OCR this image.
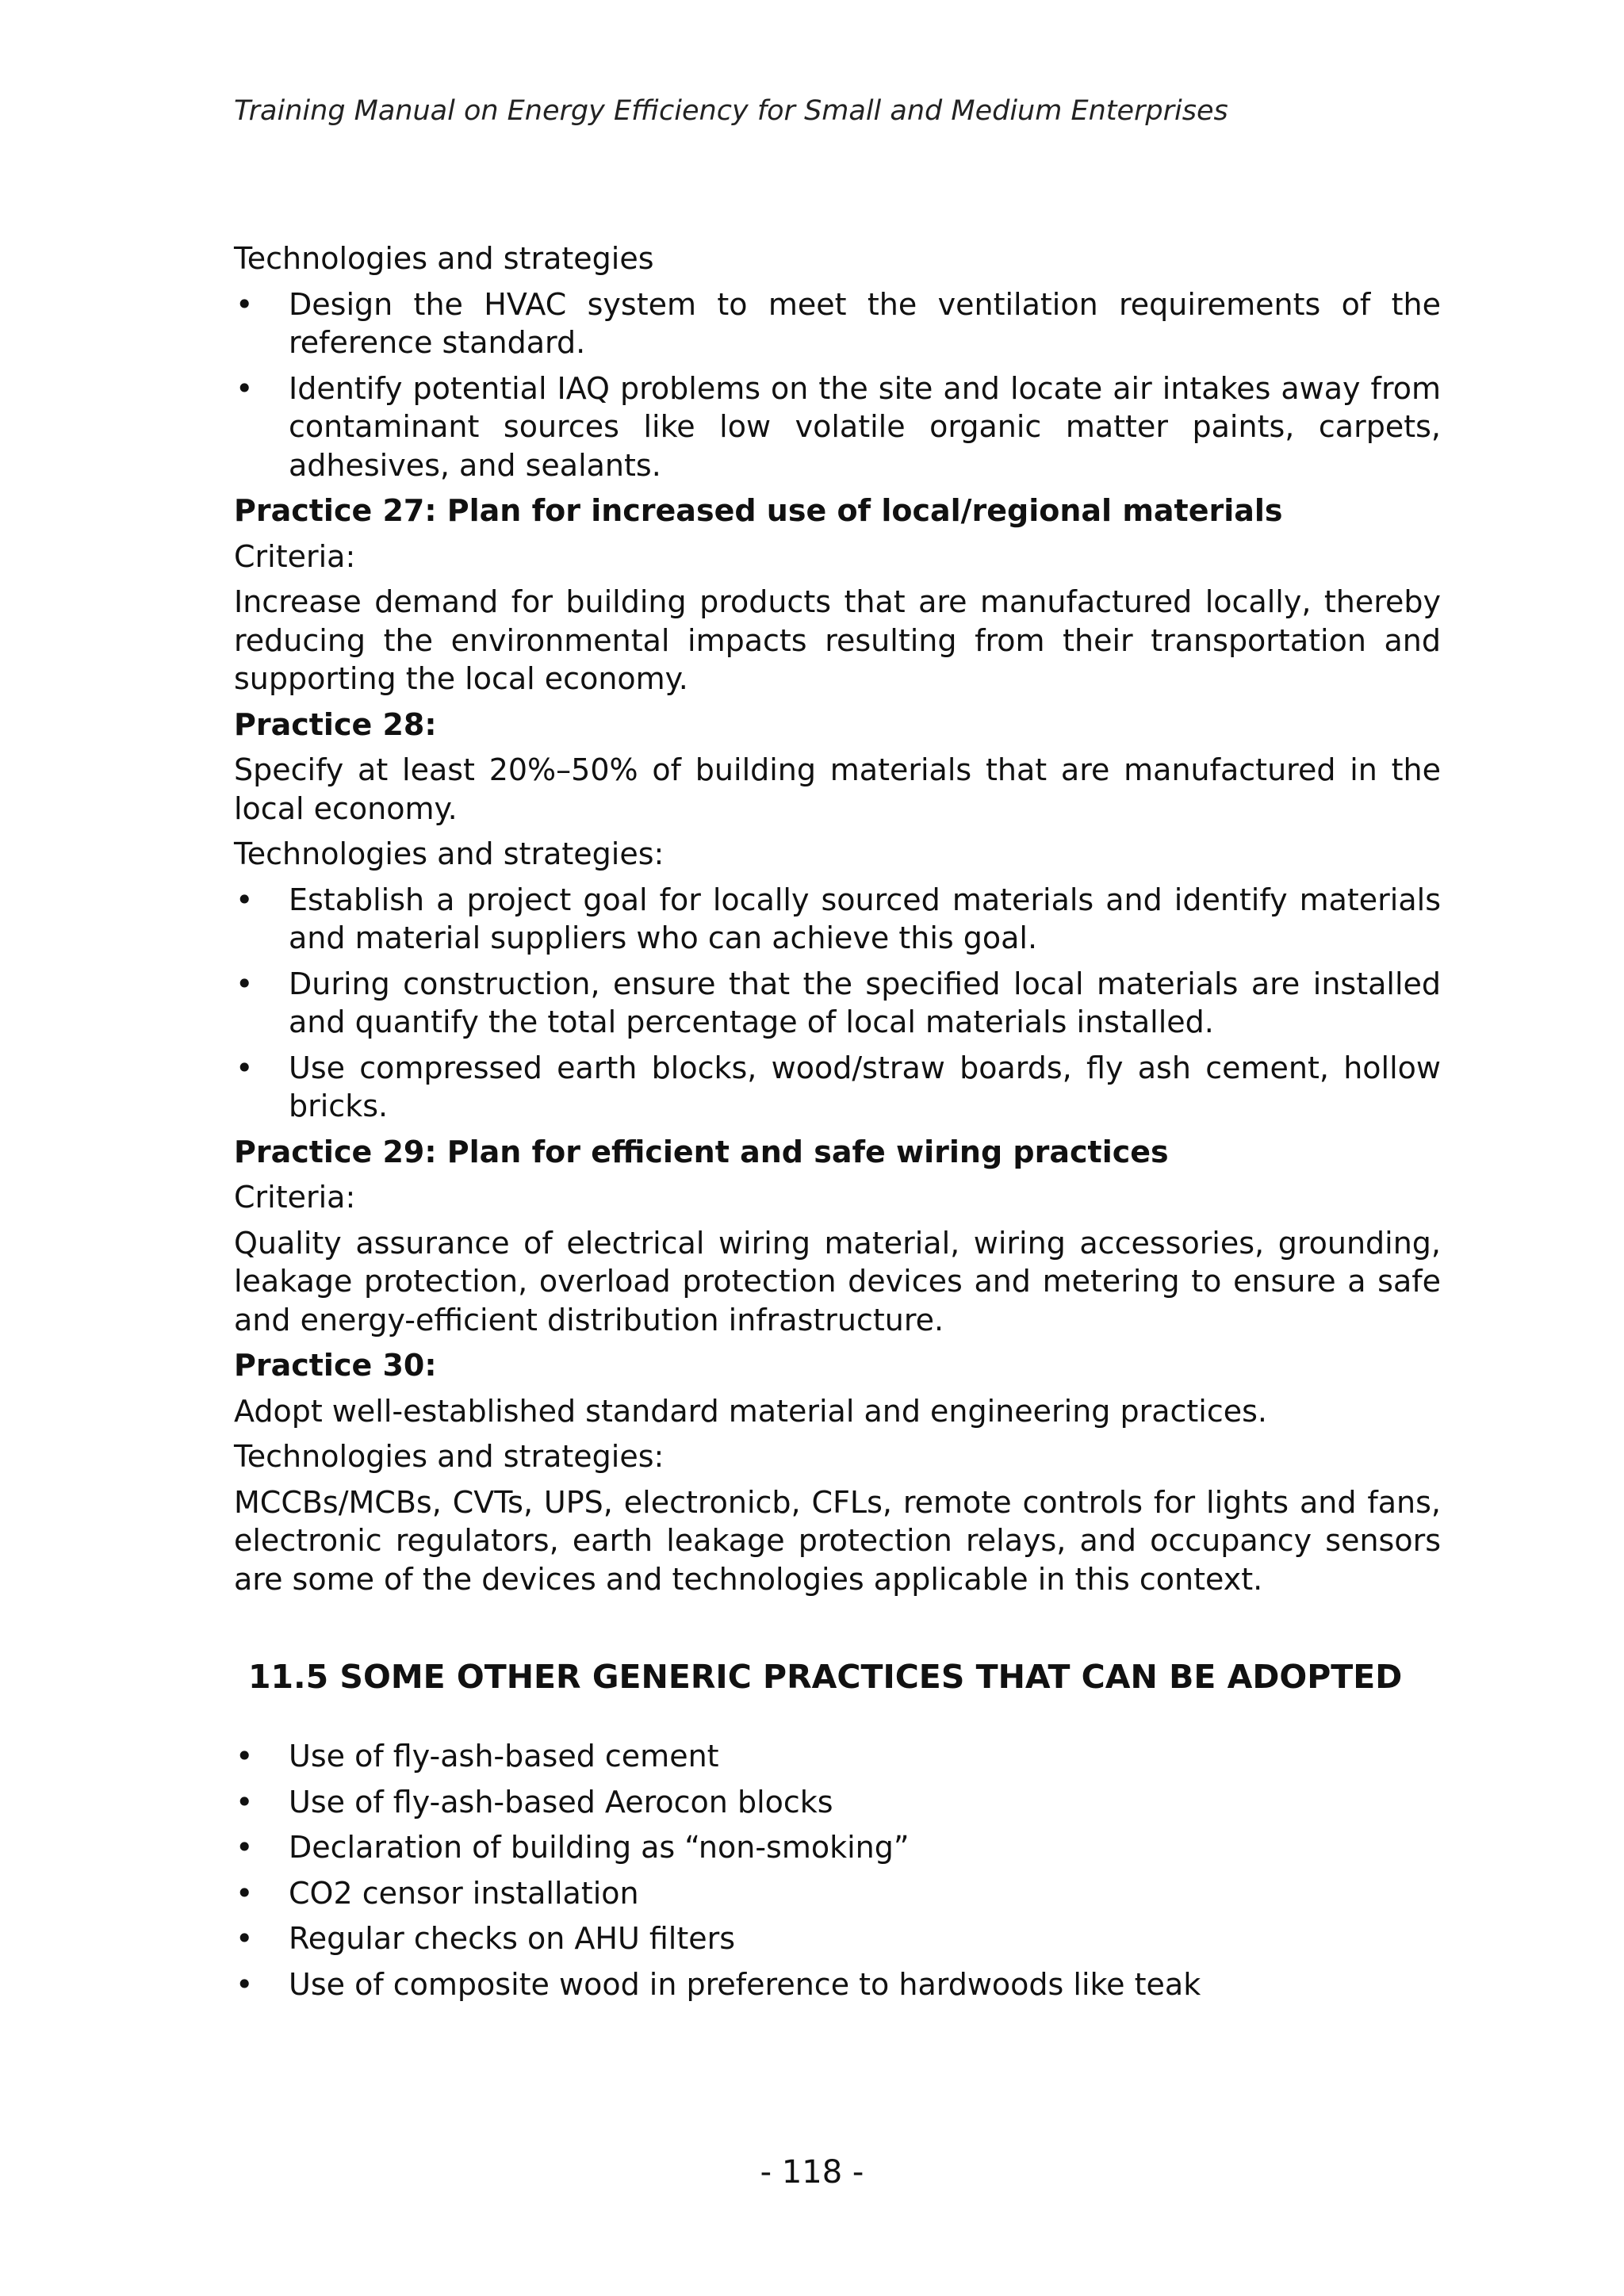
Training Manual on Energy Efficiency for Small and Medium Enterprises

Technologies and strategies

• Design the HVAC system to meet the ventilation requirements of the reference standard.
• Identify potential IAQ problems on the site and locate air intakes away from contaminant sources like low volatile organic matter paints, carpets, adhesives, and sealants.
Practice 27: Plan for increased use of local/regional materials

Criteria:

Increase demand for building products that are manufactured locally, thereby reducing the environmental impacts resulting from their transportation and supporting the local economy.

Practice 28:

Specify at least 20%–50% of building materials that are manufactured in the local economy.

Technologies and strategies:

• Establish a project goal for locally sourced materials and identify materials and material suppliers who can achieve this goal.
• During construction, ensure that the specified local materials are installed and quantify the total percentage of local materials installed.
• Use compressed earth blocks, wood/straw boards, fly ash cement, hollow bricks.
Practice 29: Plan for efficient and safe wiring practices

Criteria:

Quality assurance of electrical wiring material, wiring accessories, grounding, leakage protection, overload protection devices and metering to ensure a safe and energy-efficient distribution infrastructure.

Practice 30:

Adopt well-established standard material and engineering practices.

Technologies and strategies:

MCCBs/MCBs, CVTs, UPS, electronicb, CFLs, remote controls for lights and fans, electronic regulators, earth leakage protection relays, and occupancy sensors are some of the devices and technologies applicable in this context.

11.5 SOME OTHER GENERIC PRACTICES THAT CAN BE ADOPTED
• Use of fly-ash-based cement
• Use of fly-ash-based Aerocon blocks
• Declaration of building as “non-smoking”
• CO2 censor installation
• Regular checks on AHU filters
• Use of composite wood in preference to hardwoods like teak
- 118 -
